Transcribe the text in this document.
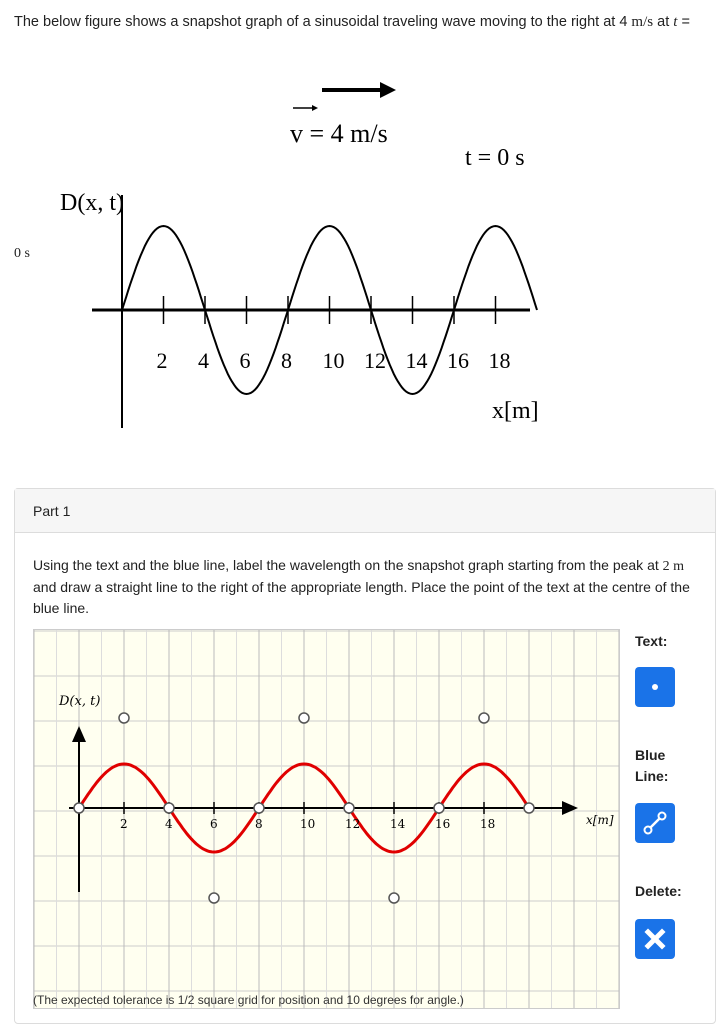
The below figure shows a snapshot graph of a sinusoidal traveling wave moving to the right at 4 m/s at t =
0 s
v = 4 m/s
t = 0 s
D(x, t)
x[m]
2 4 6 8 10 12 14 16 18
Part 1
Using the text and the blue line, label the wavelength on the snapshot graph starting from the peak at 2 m and draw a straight line to the right of the appropriate length. Place the point of the text at the centre of the blue line.
2	4	6	8	10 12 14 16 18
D(x, t)
x[m]
(The expected tolerance is 1/2 square grid for position and 10 degrees for angle.)
Text:
Blue Line:
Delete:
